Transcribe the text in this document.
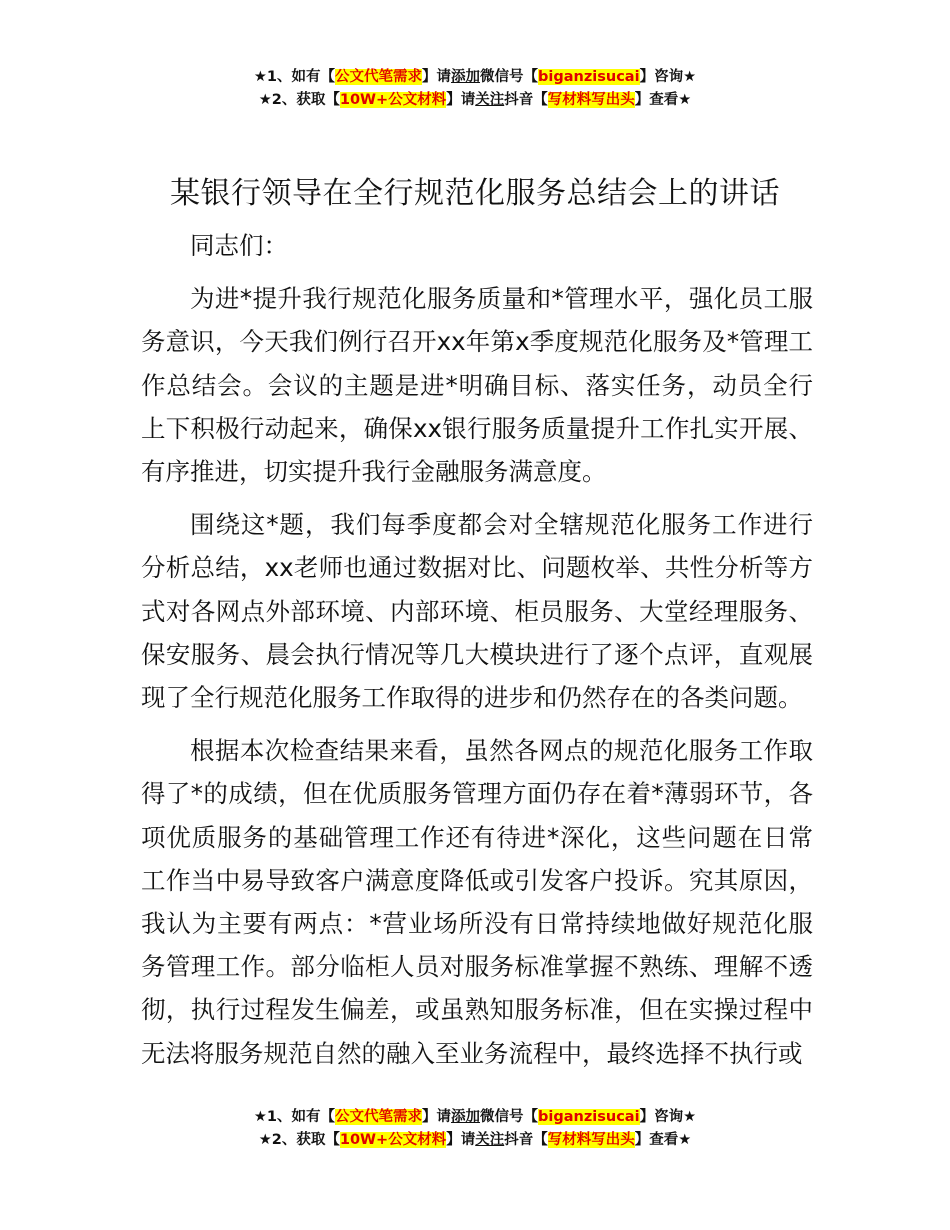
★1、如有【公文代笔需求】请添加微信号【biganzisucai】咨询★
★2、获取【10W+公文材料】请关注抖音【写材料写出头】查看★
某银行领导在全行规范化服务总结会上的讲话

同志们：

为进*提升我行规范化服务质量和*管理水平，强化员工服务意识，今天我们例行召开xx年第x季度规范化服务及*管理工作总结会。会议的主题是进*明确目标、落实任务，动员全行上下积极行动起来，确保xx银行服务质量提升工作扎实开展、有序推进，切实提升我行金融服务满意度。

围绕这*题，我们每季度都会对全辖规范化服务工作进行分析总结，xx老师也通过数据对比、问题枚举、共性分析等方式对各网点外部环境、内部环境、柜员服务、大堂经理服务、保安服务、晨会执行情况等几大模块进行了逐个点评，直观展现了全行规范化服务工作取得的进步和仍然存在的各类问题。

根据本次检查结果来看，虽然各网点的规范化服务工作取得了*的成绩，但在优质服务管理方面仍存在着*薄弱环节，各项优质服务的基础管理工作还有待进*深化，这些问题在日常工作当中易导致客户满意度降低或引发客户投诉。究其原因，我认为主要有两点：*营业场所没有日常持续地做好规范化服务管理工作。部分临柜人员对服务标准掌握不熟练、理解不透彻，执行过程发生偏差，或虽熟知服务标准，但在实操过程中无法将服务规范自然的融入至业务流程中，最终选择不执行或

★1、如有【公文代笔需求】请添加微信号【biganzisucai】咨询★
★2、获取【10W+公文材料】请关注抖音【写材料写出头】查看★
